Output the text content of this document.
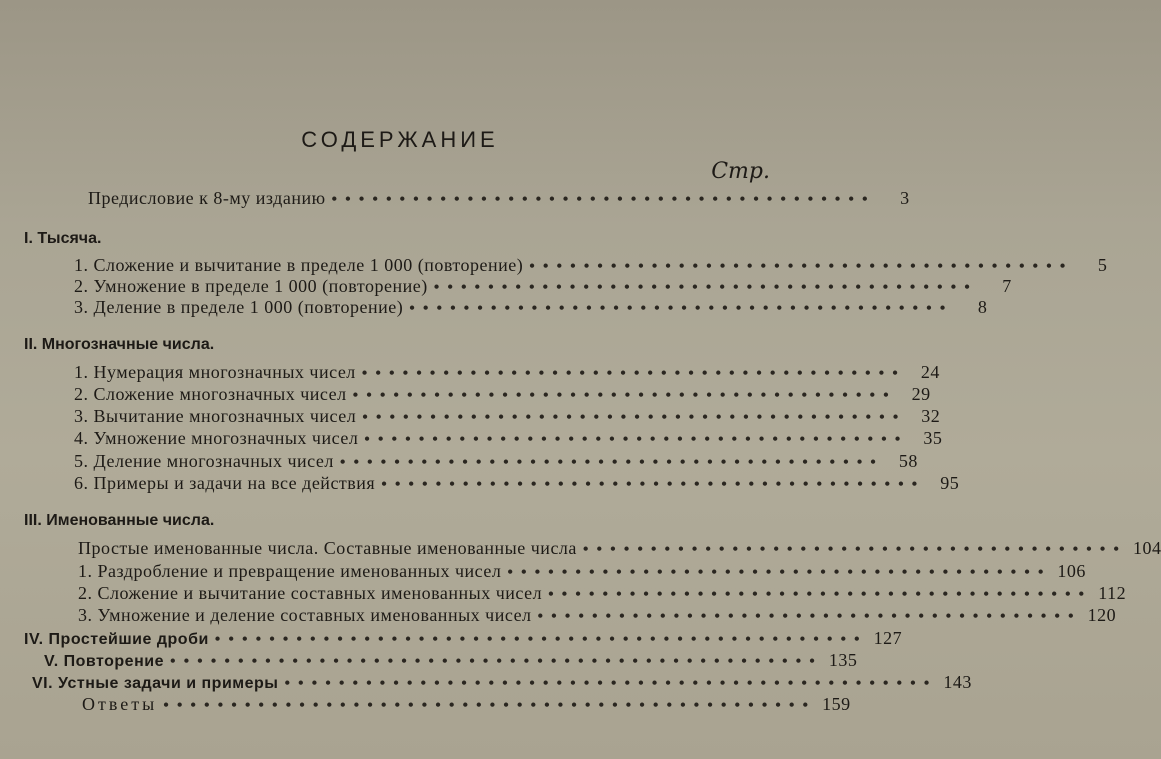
СОДЕРЖАНИЕ
Стр.
Предисловие к 8-му изданию ••••••••••••••••••••••••••••••••••••••••	3
I. Тысяча.
1. Сложение и вычитание в пределе 1 000 (повторение) ••••••••••••••••••••••••••••••••••••••••	5
2. Умножение в пределе 1 000 (повторение) ••••••••••••••••••••••••••••••••••••••••	7
3. Деление в пределе 1 000 (повторение) ••••••••••••••••••••••••••••••••••••••••	8
II. Многозначные числа.
1. Нумерация многозначных чисел •••••••••••••••••••••••••••••••••••••••• 24
2. Сложение многозначных чисел •••••••••••••••••••••••••••••••••••••••• 29
3. Вычитание многозначных чисел •••••••••••••••••••••••••••••••••••••••• 32
4. Умножение многозначных чисел •••••••••••••••••••••••••••••••••••••••• 35
5. Деление многозначных чисел •••••••••••••••••••••••••••••••••••••••• 58
6. Примеры и задачи на все действия •••••••••••••••••••••••••••••••••••••••• 95
III. Именованные числа.
Простые именованные числа. Составные именованные числа •••••••••••••••••••••••••••••••••••••••• 104
1. Раздробление и превращение именованных чисел •••••••••••••••••••••••••••••••••••••••• 106
2. Сложение и вычитание составных именованных чисел •••••••••••••••••••••••••••••••••••••••• 112
3. Умножение и деление составных именованных чисел •••••••••••••••••••••••••••••••••••••••• 120
IV. Простейшие дроби •••••••••••••••••••••••••••••••••••••••••••••••• 127
V. Повторение •••••••••••••••••••••••••••••••••••••••••••••••• 135
VI. Устные задачи и примеры •••••••••••••••••••••••••••••••••••••••••••••••• 143
Ответы •••••••••••••••••••••••••••••••••••••••••••••••• 159
